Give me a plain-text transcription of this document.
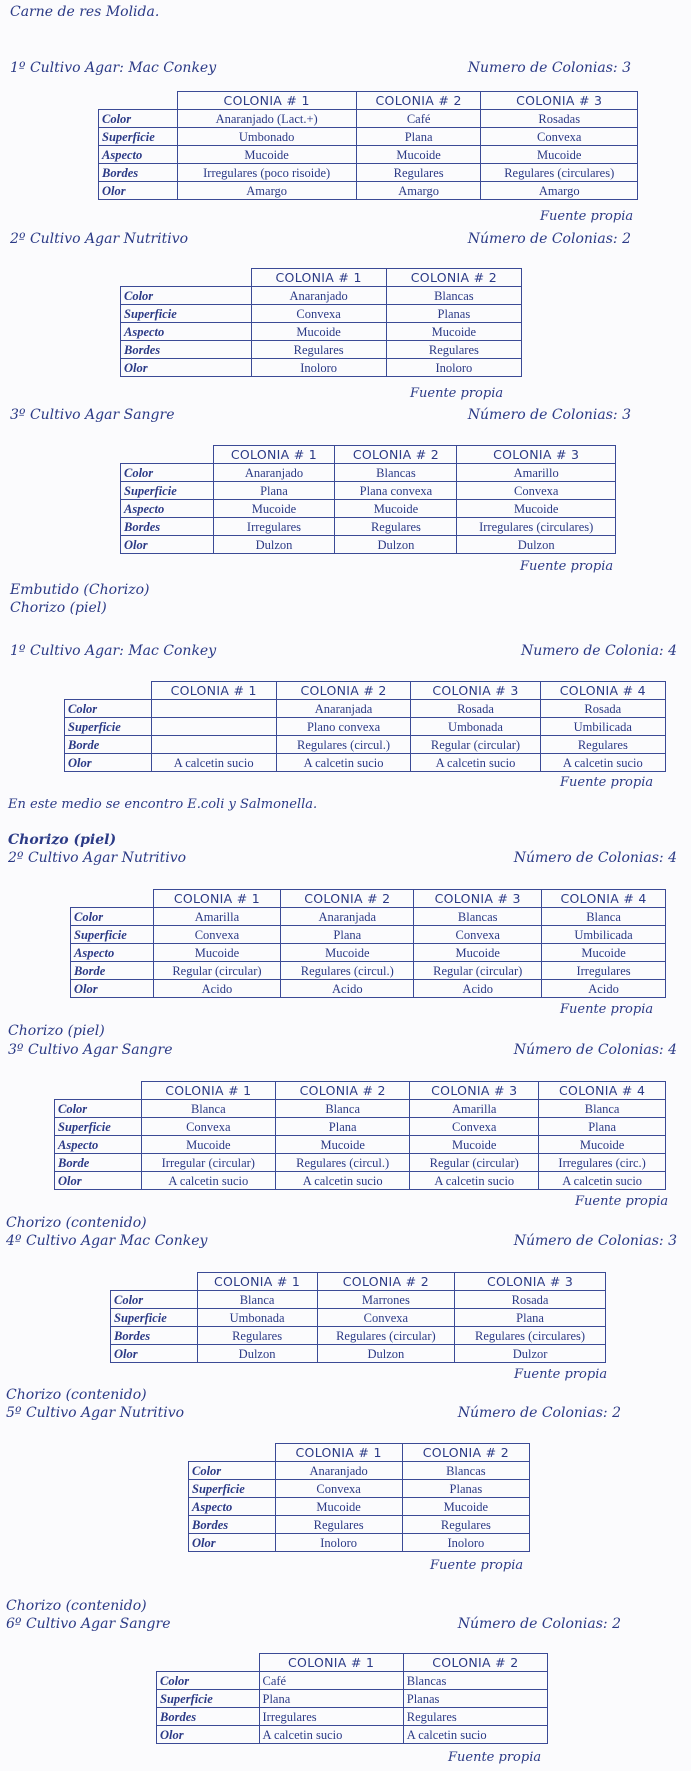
Carne de res Molida.
1º Cultivo Agar: Mac Conkey	Numero de Colonias: 3
	COLONIA # 1	COLONIA # 2	COLONIA # 3
Color	Anaranjado (Lact.+)	Café	Rosadas
Superficie	Umbonado	Plana	Convexa
Aspecto	Mucoide	Mucoide	Mucoide
Bordes	Irregulares (poco risoide)	Regulares	Regulares (circulares)
Olor	Amargo	Amargo	Amargo
Fuente propia
2º Cultivo Agar Nutritivo	Número de Colonias: 2
	COLONIA # 1	COLONIA # 2
Color	Anaranjado	Blancas
Superficie	Convexa	Planas
Aspecto	Mucoide	Mucoide
Bordes	Regulares	Regulares
Olor	Inoloro	Inoloro
Fuente propia
3º Cultivo Agar Sangre	Número de Colonias: 3
	COLONIA # 1	COLONIA # 2	COLONIA # 3
Color	Anaranjado	Blancas	Amarillo
Superficie	Plana	Plana convexa	Convexa
Aspecto	Mucoide	Mucoide	Mucoide
Bordes	Irregulares	Regulares	Irregulares (circulares)
Olor	Dulzon	Dulzon	Dulzon
Fuente propia
Embutido (Chorizo)
Chorizo (piel)
1º Cultivo Agar: Mac Conkey	Numero de Colonia: 4
	COLONIA # 1	COLONIA # 2	COLONIA # 3	COLONIA # 4
Color		Anaranjada	Rosada	Rosada
Superficie		Plano convexa	Umbonada	Umbilicada
Borde		Regulares (circul.)	Regular (circular)	Regulares
Olor	A calcetin sucio	A calcetin sucio	A calcetin sucio	A calcetin sucio
Fuente propia
En este medio se encontro E.coli y Salmonella.
Chorizo (piel)
2º Cultivo Agar Nutritivo	Número de Colonias: 4
	COLONIA # 1	COLONIA # 2	COLONIA # 3	COLONIA # 4
Color	Amarilla	Anaranjada	Blancas	Blanca
Superficie	Convexa	Plana	Convexa	Umbilicada
Aspecto	Mucoide	Mucoide	Mucoide	Mucoide
Borde	Regular (circular)	Regulares (circul.)	Regular (circular)	Irregulares
Olor	Acido	Acido	Acido	Acido
Fuente propia
Chorizo (piel)
3º Cultivo Agar Sangre	Número de Colonias: 4
	COLONIA # 1	COLONIA # 2	COLONIA # 3	COLONIA # 4
Color	Blanca	Blanca	Amarilla	Blanca
Superficie	Convexa	Plana	Convexa	Plana
Aspecto	Mucoide	Mucoide	Mucoide	Mucoide
Borde	Irregular (circular)	Regulares (circul.)	Regular (circular)	Irregulares (circ.)
Olor	A calcetin sucio	A calcetin sucio	A calcetin sucio	A calcetin sucio
Fuente propia
Chorizo (contenido)
4º Cultivo Agar Mac Conkey	Número de Colonias: 3
	COLONIA # 1	COLONIA # 2	COLONIA # 3
Color	Blanca	Marrones	Rosada
Superficie	Umbonada	Convexa	Plana
Bordes	Regulares	Regulares (circular)	Regulares (circulares)
Olor	Dulzon	Dulzon	Dulzor
Fuente propia
Chorizo (contenido)
5º Cultivo Agar Nutritivo	Número de Colonias: 2
	COLONIA # 1	COLONIA # 2
Color	Anaranjado	Blancas
Superficie	Convexa	Planas
Aspecto	Mucoide	Mucoide
Bordes	Regulares	Regulares
Olor	Inoloro	Inoloro
Fuente propia
Chorizo (contenido)
6º Cultivo Agar Sangre	Número de Colonias: 2
	COLONIA # 1	COLONIA # 2
Color	Café	Blancas
Superficie	Plana	Planas
Bordes	Irregulares	Regulares
Olor	A calcetin sucio	A calcetin sucio
Fuente propia
